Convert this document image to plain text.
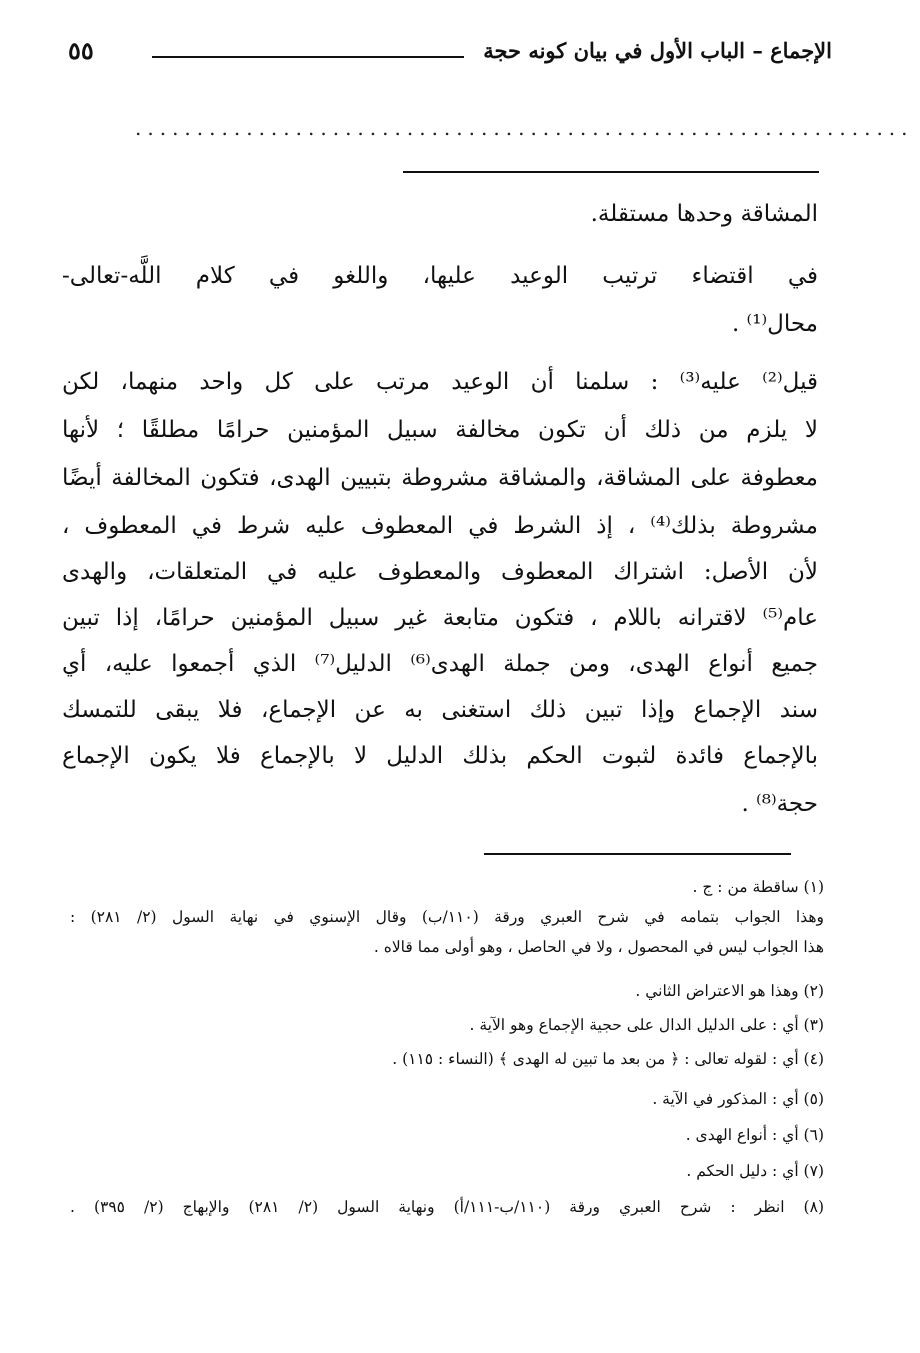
الإجماع – الباب الأول في بيان كونه حجة
٥٥
...............................................................
المشاقة وحدها مستقلة.
في اقتضاء ترتيب الوعيد عليها، واللغو في كلام اللَّه-تعالى-
محال⁽¹⁾ .
قيل⁽²⁾ عليه⁽³⁾ : سلمنا أن الوعيد مرتب على كل واحد منهما، لكن
لا يلزم من ذلك أن تكون مخالفة سبيل المؤمنين حرامًا مطلقًا ؛ لأنها
معطوفة على المشاقة، والمشاقة مشروطة بتبيين الهدى، فتكون المخالفة أيضًا
مشروطة بذلك⁽⁴⁾ ، إذ الشرط في المعطوف عليه شرط في المعطوف ،
لأن الأصل: اشتراك المعطوف والمعطوف عليه في المتعلقات، والهدى
عام⁽⁵⁾ لاقترانه باللام ، فتكون متابعة غير سبيل المؤمنين حرامًا، إذا تبين
جميع أنواع الهدى، ومن جملة الهدى⁽⁶⁾ الدليل⁽⁷⁾ الذي أجمعوا عليه، أي
سند الإجماع وإذا تبين ذلك استغنى به عن الإجماع، فلا يبقى للتمسك
بالإجماع فائدة لثبوت الحكم بذلك الدليل لا بالإجماع فلا يكون الإجماع
حجة⁽⁸⁾ .
(١) ساقطة من : ج .
وهذا الجواب بتمامه في شرح العبري ورقة (١١٠/ب) وقال الإسنوي في نهاية السول (٢/ ٢٨١) :
هذا الجواب ليس في المحصول ، ولا في الحاصل ، وهو أولى مما قالاه .
(٢) وهذا هو الاعتراض الثاني .
(٣) أي : على الدليل الدال على حجية الإجماع وهو الآية .
(٤) أي : لقوله تعالى : ﴿ من بعد ما تبين له الهدى ﴾ (النساء : ١١٥) .
(٥) أي : المذكور في الآية .
(٦) أي : أنواع الهدى .
(٧) أي : دليل الحكم .
(٨) انظر : شرح العبري ورقة (١١٠/ب-١١١/أ) ونهاية السول (٢/ ٢٨١) والإبهاج (٢/ ٣٩٥) .
